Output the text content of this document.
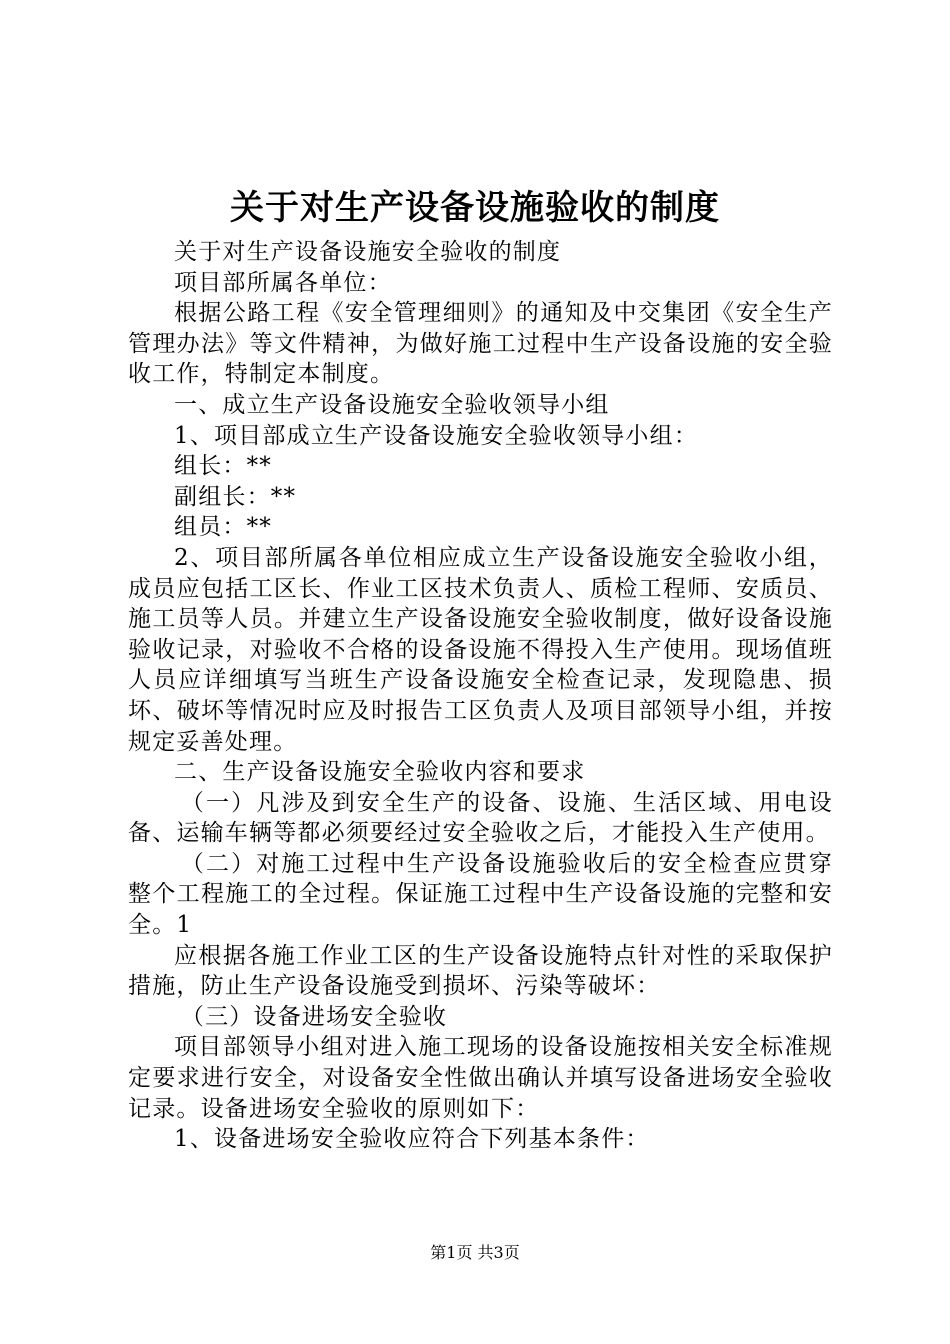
关于对生产设备设施验收的制度

关于对生产设备设施安全验收的制度

项目部所属各单位：

根据公路工程《安全管理细则》的通知及中交集团《安全生产管理办法》等文件精神，为做好施工过程中生产设备设施的安全验收工作，特制定本制度。

一、成立生产设备设施安全验收领导小组

1、项目部成立生产设备设施安全验收领导小组：

组长：**

副组长：**

组员：**

2、项目部所属各单位相应成立生产设备设施安全验收小组，成员应包括工区长、作业工区技术负责人、质检工程师、安质员、施工员等人员。并建立生产设备设施安全验收制度，做好设备设施验收记录，对验收不合格的设备设施不得投入生产使用。现场值班人员应详细填写当班生产设备设施安全检查记录，发现隐患、损坏、破坏等情况时应及时报告工区负责人及项目部领导小组，并按规定妥善处理。

二、生产设备设施安全验收内容和要求

（一）凡涉及到安全生产的设备、设施、生活区域、用电设备、运输车辆等都必须要经过安全验收之后，才能投入生产使用。

（二）对施工过程中生产设备设施验收后的安全检查应贯穿整个工程施工的全过程。保证施工过程中生产设备设施的完整和安全。1

应根据各施工作业工区的生产设备设施特点针对性的采取保护措施，防止生产设备设施受到损坏、污染等破坏：

（三）设备进场安全验收

项目部领导小组对进入施工现场的设备设施按相关安全标准规定要求进行安全，对设备安全性做出确认并填写设备进场安全验收记录。设备进场安全验收的原则如下：

1、设备进场安全验收应符合下列基本条件：

第1页 共3页
